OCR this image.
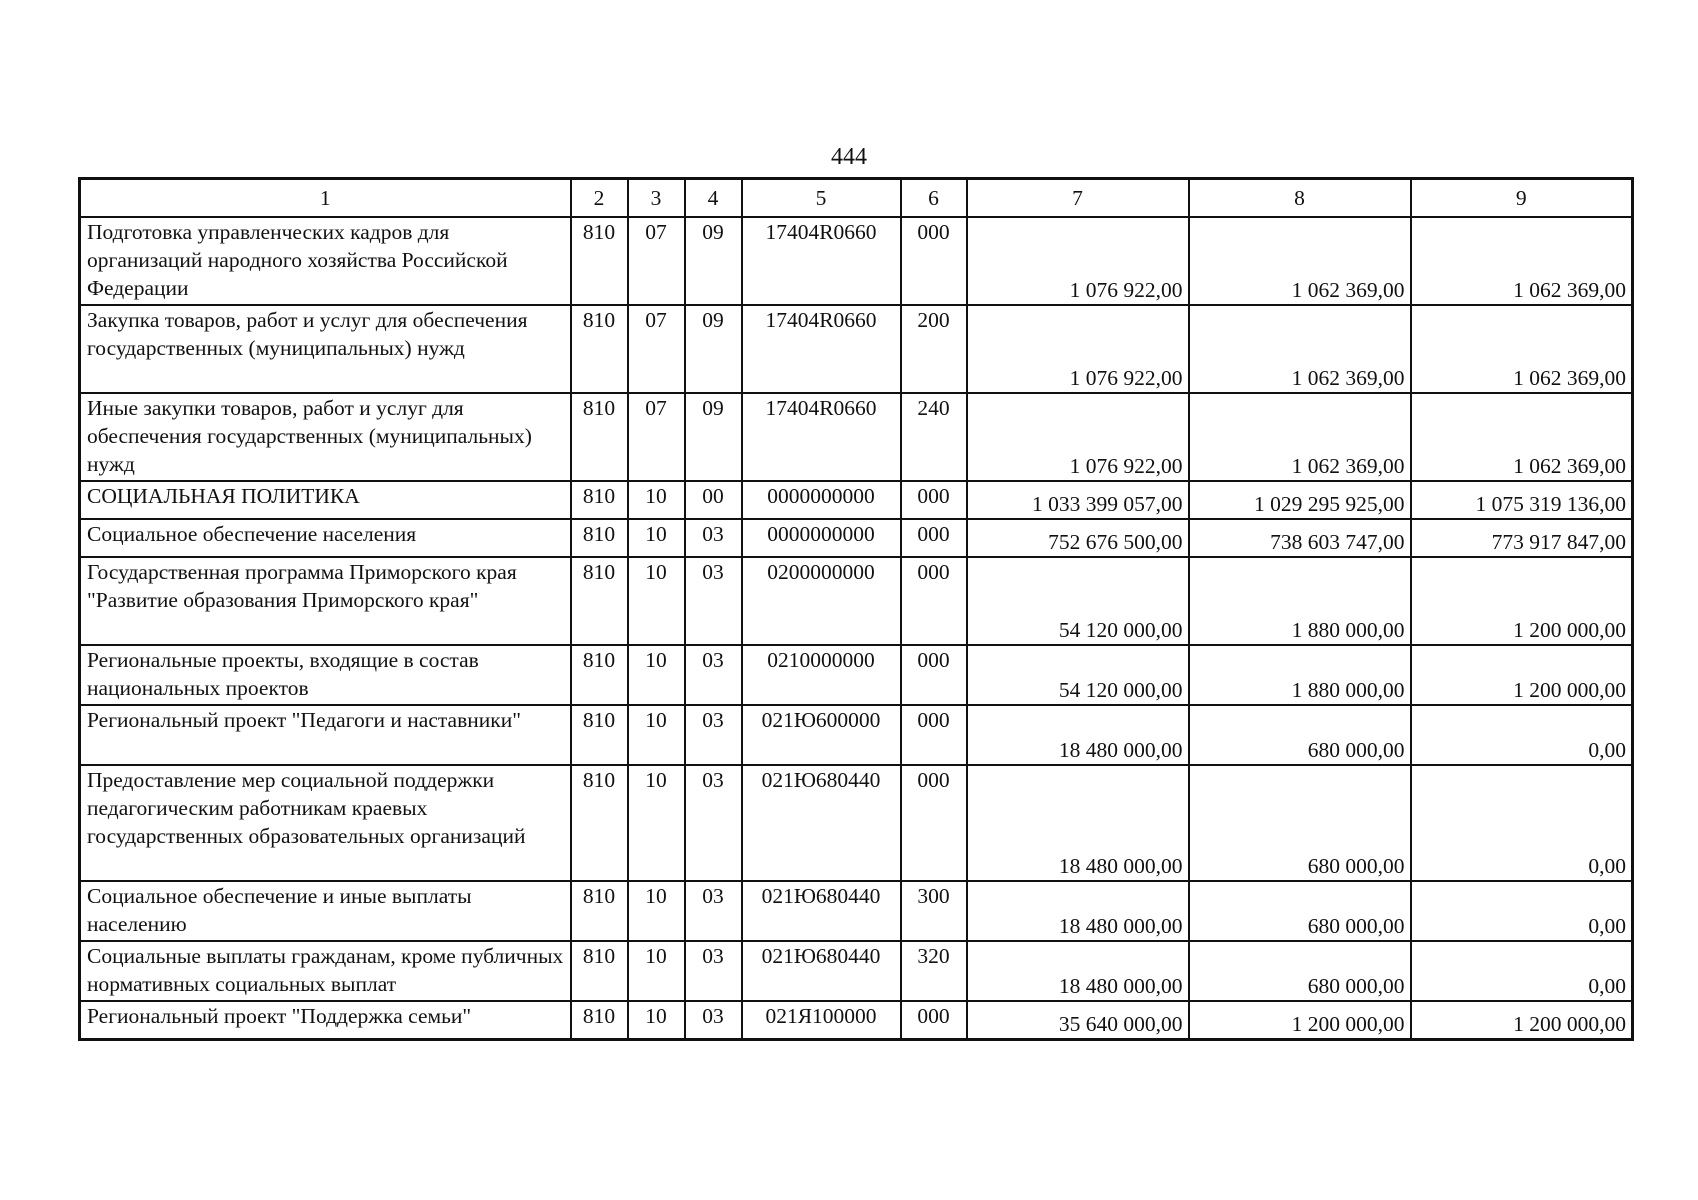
444
1	2	3	4	5	6	7	8	9
Подготовка управленческих кадров для организаций народного хозяйства Российской Федерации	810	07	09	17404R0660	000	1 076 922,00	1 062 369,00	1 062 369,00
Закупка товаров, работ и услуг для обеспечения государственных (муниципальных) нужд	810	07	09	17404R0660	200	1 076 922,00	1 062 369,00	1 062 369,00
Иные закупки товаров, работ и услуг для обеспечения государственных (муниципальных) нужд	810	07	09	17404R0660	240	1 076 922,00	1 062 369,00	1 062 369,00
СОЦИАЛЬНАЯ ПОЛИТИКА	810	10	00	0000000000	000	1 033 399 057,00	1 029 295 925,00	1 075 319 136,00
Социальное обеспечение населения	810	10	03	0000000000	000	752 676 500,00	738 603 747,00	773 917 847,00
Государственная программа Приморского края "Развитие образования Приморского края"	810	10	03	0200000000	000	54 120 000,00	1 880 000,00	1 200 000,00
Региональные проекты, входящие в состав национальных проектов	810	10	03	0210000000	000	54 120 000,00	1 880 000,00	1 200 000,00
Региональный проект "Педагоги и наставники"	810	10	03	021Ю600000	000	18 480 000,00	680 000,00	0,00
Предоставление мер социальной поддержки педагогическим работникам краевых государственных образовательных организаций	810	10	03	021Ю680440	000	18 480 000,00	680 000,00	0,00
Социальное обеспечение и иные выплаты населению	810	10	03	021Ю680440	300	18 480 000,00	680 000,00	0,00
Социальные выплаты гражданам, кроме публичных нормативных социальных выплат	810	10	03	021Ю680440	320	18 480 000,00	680 000,00	0,00
Региональный проект "Поддержка семьи"	810	10	03	021Я100000	000	35 640 000,00	1 200 000,00	1 200 000,00
